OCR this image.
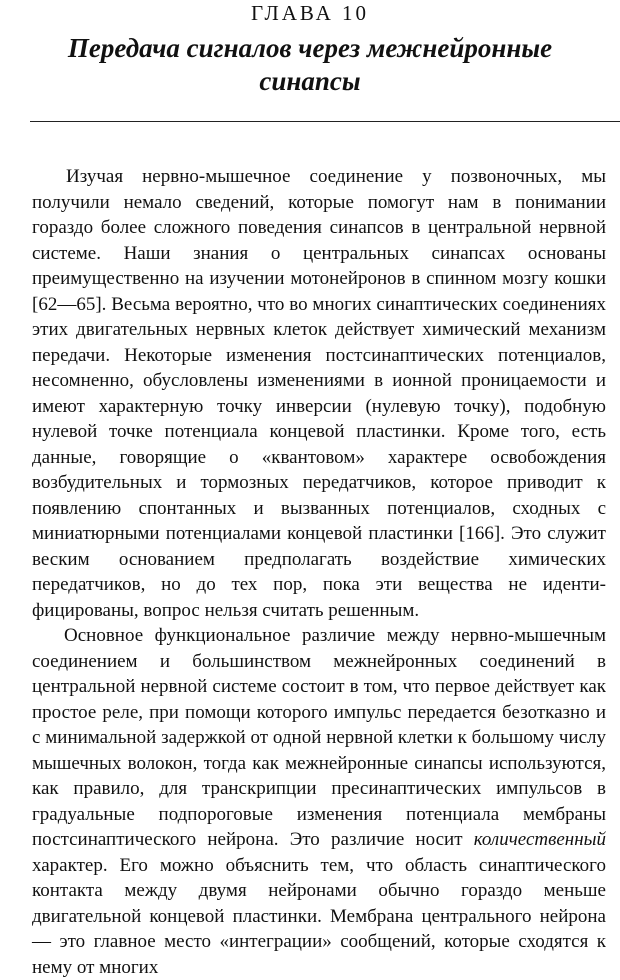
ГЛАВА 10
Передача сигналов через межнейронные синапсы

Изучая нервно-мышечное соединение у позвоночных, мы получили немало сведений, которые помогут нам в понимании гораздо более сложного поведения синапсов в центральной нервной системе. Наши знания о центральных синапсах основаны преимущественно на изучении мотонейронов в спинном мозгу кошки [62—65]. Весьма вероятно, что во многих синаптических соединениях этих двигательных нервных клеток действует химический механизм передачи. Некоторые изменения постсинаптических потенциалов, несомненно, обусловлены изменениями в ионной проницаемости и имеют характерную точку инверсии (нулевую точку), подобную нулевой точке потенциала концевой пластинки. Кроме того, есть данные, говорящие о «квантовом» характере освобождения возбудительных и тормозных передатчиков, которое приводит к появлению спонтанных и вызванных потенциалов, сходных с миниатюрными потенциалами концевой пластинки [166]. Это служит веским основанием предполагать воздействие химических передатчиков, но до тех пор, пока эти вещества не идентифицированы, вопрос нельзя считать решенным.

Основное функциональное различие между нервно-мышечным соединением и большинством межнейронных соединений в центральной нервной системе состоит в том, что первое действует как простое реле, при помощи которого импульс передается безотказно и с минимальной задержкой от одной нервной клетки к большому числу мышечных волокон, тогда как межнейронные синапсы используются, как правило, для транскрипции пресинаптических импульсов в градуальные подпороговые изменения потенциала мембраны постсинаптического нейрона. Это различие носит количественный характер. Его можно объяснить тем, что область синаптического контакта между двумя нейронами обычно гораздо меньше двигательной концевой пластинки. Мембрана центрального нейрона — это главное место «интеграции» сообщений, которые сходятся к нему от многих
